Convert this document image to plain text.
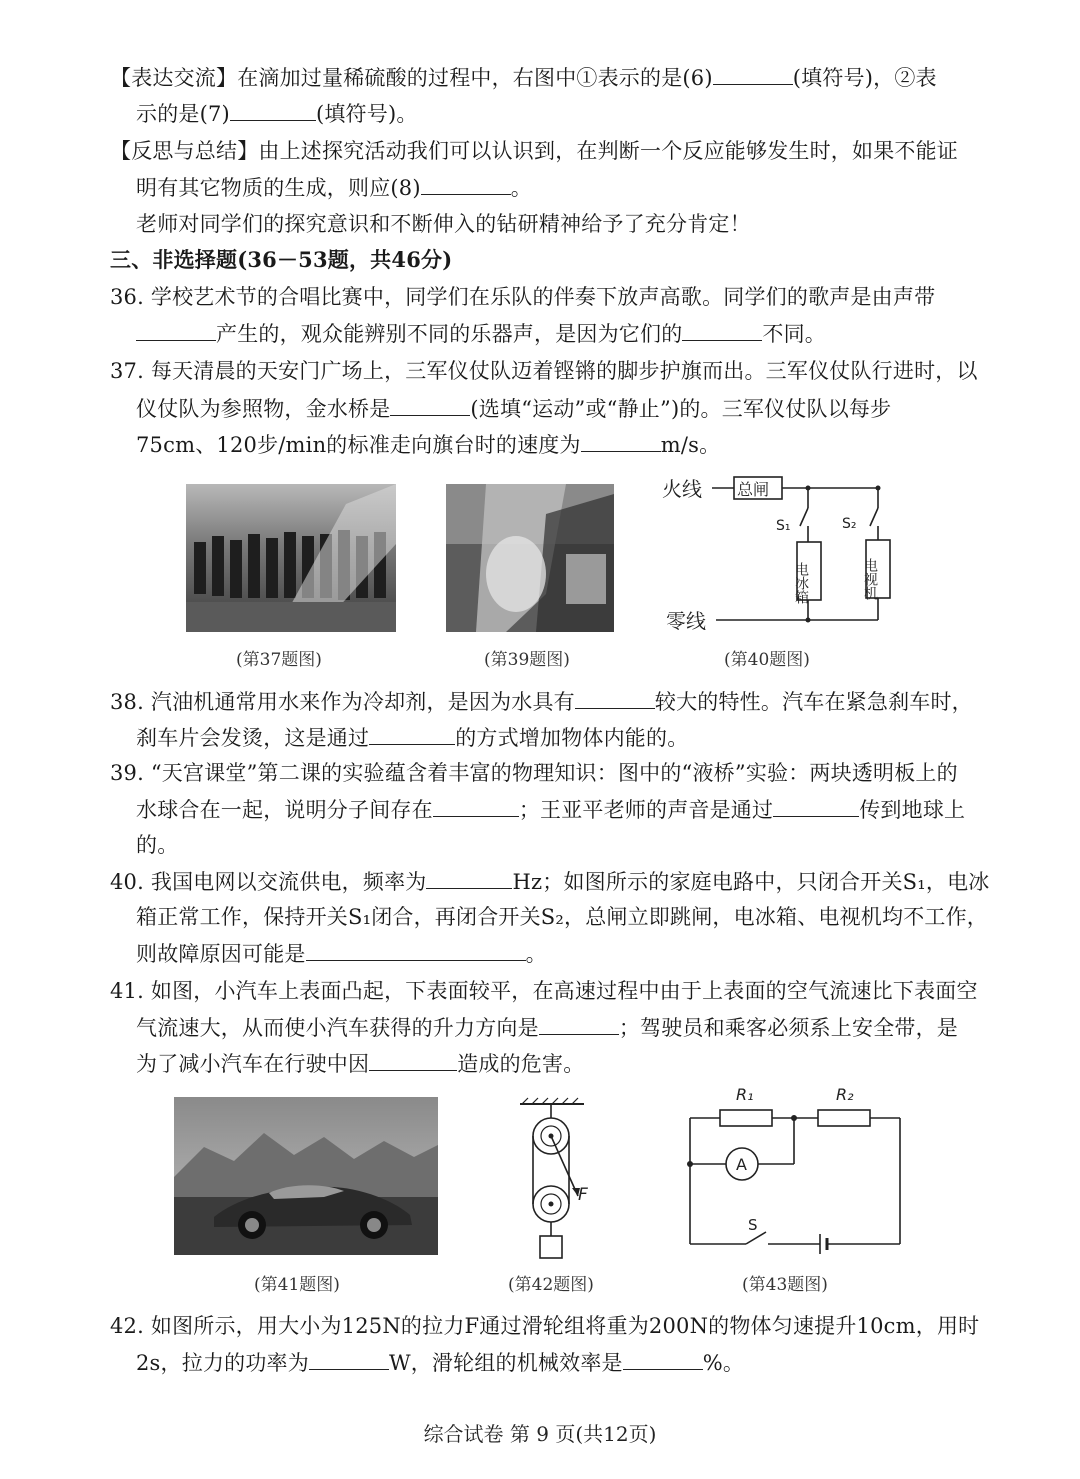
【表达交流】在滴加过量稀硫酸的过程中，右图中①表示的是(6)	(填符号)，②表
示的是(7)	(填符号)。
【反思与总结】由上述探究活动我们可以认识到，在判断一个反应能够发生时，如果不能证
明有其它物质的生成，则应(8)	。
老师对同学们的探究意识和不断伸入的钻研精神给予了充分肯定！
三、非选择题(36－53题，共46分)
36. 学校艺术节的合唱比赛中，同学们在乐队的伴奏下放声高歌。同学们的歌声是由声带
产生的，观众能辨别不同的乐器声，是因为它们的	不同。
37. 每天清晨的天安门广场上，三军仪仗队迈着铿锵的脚步护旗而出。三军仪仗队行进时，以
仪仗队为参照物，金水桥是	(选填“运动”或“静止”)的。三军仪仗队以每步
75cm、120步/min的标准走向旗台时的速度为	m/s。
(第37题图)	(第39题图)
火线 总闸
S₁
电冰箱
S₂
电视机
零线
(第40题图)
38. 汽油机通常用水来作为冷却剂，是因为水具有	较大的特性。汽车在紧急刹车时，
刹车片会发烫，这是通过	的方式增加物体内能的。
39. “天宫课堂”第二课的实验蕴含着丰富的物理知识：图中的“液桥”实验：两块透明板上的
水球合在一起，说明分子间存在	；王亚平老师的声音是通过	传到地球上
的。
40. 我国电网以交流供电，频率为	Hz；如图所示的家庭电路中，只闭合开关S₁，电冰
箱正常工作，保持开关S₁闭合，再闭合开关S₂，总闸立即跳闸，电冰箱、电视机均不工作，
则故障原因可能是	。
41. 如图，小汽车上表面凸起，下表面较平，在高速过程中由于上表面的空气流速比下表面空
气流速大，从而使小汽车获得的升力方向是	；驾驶员和乘客必须系上安全带，是
为了减小汽车在行驶中因	造成的危害。
(第41题图)
F
(第42题图)
R₁	R₂
A
S
(第43题图)
42. 如图所示，用大小为125N的拉力F通过滑轮组将重为200N的物体匀速提升10cm，用时
2s，拉力的功率为	W，滑轮组的机械效率是	%。
综合试卷 第 9 页(共12页)
